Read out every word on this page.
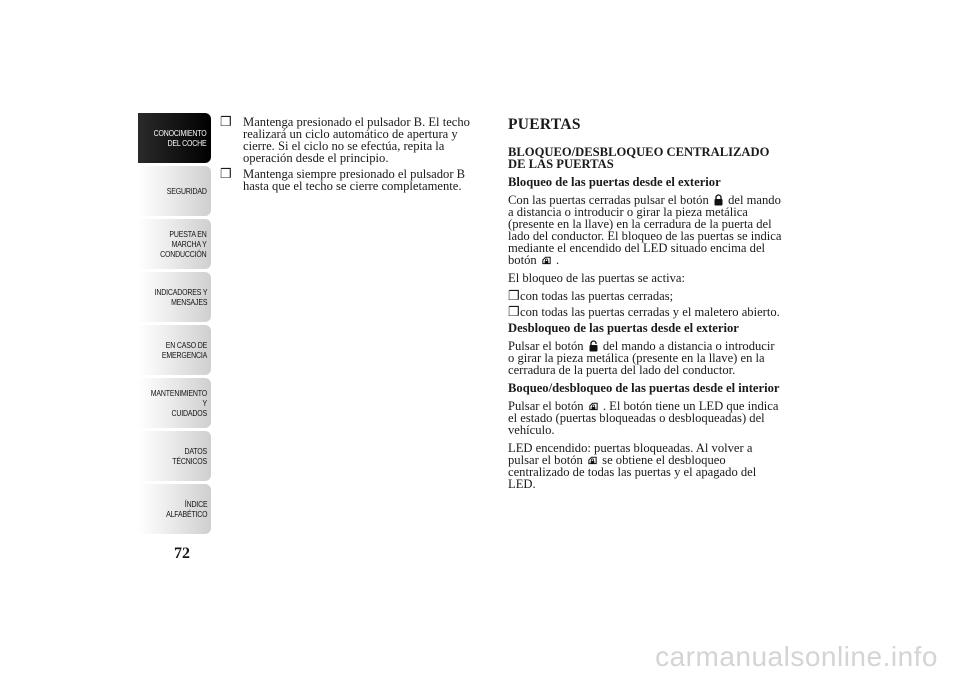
CONOCIMIENTO
DEL COCHE
SEGURIDAD
PUESTA EN
MARCHA Y
CONDUCCIÓN
INDICADORES Y
MENSAJES
EN CASO DE
EMERGENCIA
MANTENIMIENTO Y
CUIDADOS
DATOS TÉCNICOS
ÍNDICE
ALFABÉTICO
72
❒ Mantenga presionado el pulsador B. El techo realizará un ciclo automático de apertura y cierre. Si el ciclo no se efectúa, repita la operación desde el principio.
❒ Mantenga siempre presionado el pulsador B hasta que el techo se cierre completamente.
PUERTAS
BLOQUEO/DESBLOQUEO CENTRALIZADO DE LAS PUERTAS
Bloqueo de las puertas desde el exterior
Con las puertas cerradas pulsar el botón del mando a distancia o introducir o girar la pieza metálica (presente en la llave) en la cerradura de la puerta del lado del conductor. El bloqueo de las puertas se indica mediante el encendido del LED situado encima del botón .
El bloqueo de las puertas se activa:
❒ con todas las puertas cerradas;
❒ con todas las puertas cerradas y el maletero abierto.
Desbloqueo de las puertas desde el exterior
Pulsar el botón del mando a distancia o introducir o girar la pieza metálica (presente en la llave) en la cerradura de la puerta del lado del conductor.
Boqueo/desbloqueo de las puertas desde el interior
Pulsar el botón . El botón tiene un LED que indica el estado (puertas bloqueadas o desbloqueadas) del vehículo.
LED encendido: puertas bloqueadas. Al volver a pulsar el botón se obtiene el desbloqueo centralizado de todas las puertas y el apagado del LED.
carmanualsonline.info
